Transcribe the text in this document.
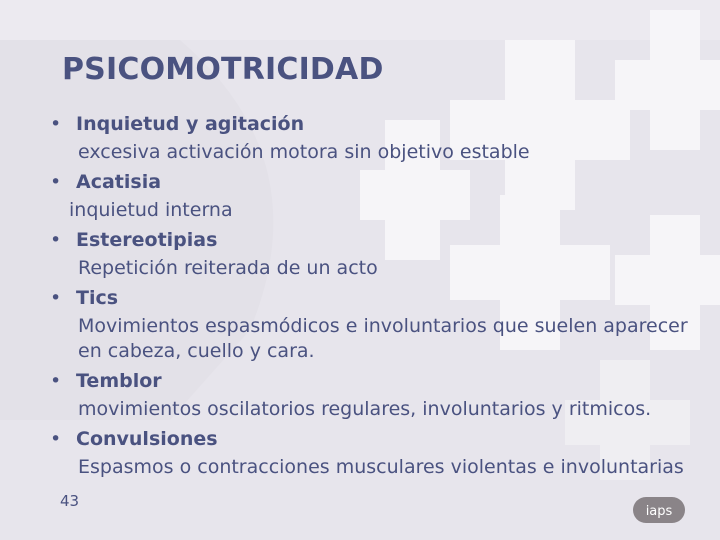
PSICOMOTRICIDAD
• Inquietud y agitación
excesiva activación motora sin objetivo estable
• Acatisia
inquietud interna
• Estereotipias
Repetición reiterada de un acto
• Tics
Movimientos espasmódicos e involuntarios que suelen aparecer en cabeza, cuello y cara.
• Temblor
movimientos oscilatorios regulares, involuntarios y ritmicos.
• Convulsiones
Espasmos o contracciones musculares violentas e involuntarias
43
iaps
